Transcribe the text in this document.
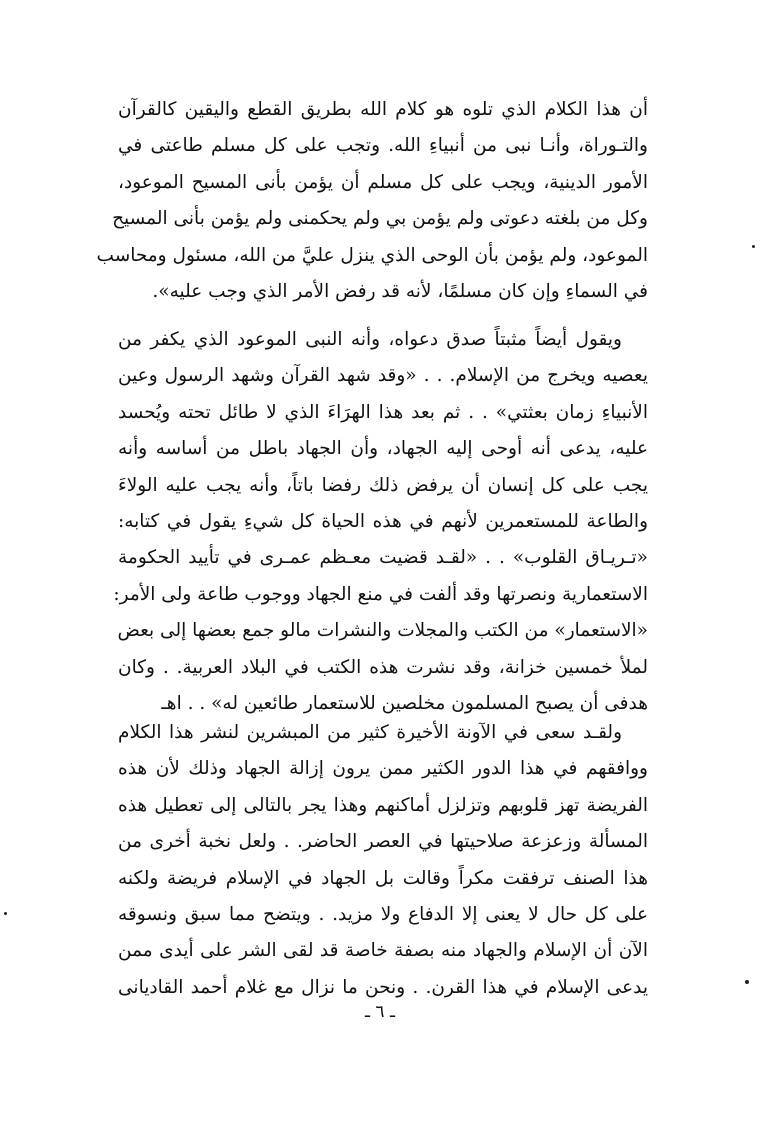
أن هذا الكلام الذي تلوه هو كلام الله بطريق القطع واليقين كالقرآن
والتـوراة، وأنـا نبى من أنبياءِ الله. وتجب على كل مسلم طاعتى في
الأمور الدينية، ويجب على كل مسلم أن يؤمن بأنى المسيح الموعود،
وكل من بلغته دعوتى ولم يؤمن بي ولم يحكمنى ولم يؤمن بأنى المسيح
الموعود، ولم يؤمن بأن الوحى الذي ينزل عليَّ من الله، مسئول ومحاسب
في السماءِ وإن كان مسلمًا، لأنه قد رفض الأمر الذي وجب عليه».
ويقول أيضاً مثبتاً صدق دعواه، وأنه النبى الموعود الذي يكفر من
يعصيه ويخرج من الإسلام. . . «وقد شهد القرآن وشهد الرسول وعين
الأنبياءِ زمان بعثتي» . . ثم بعد هذا الهرَاءَ الذي لا طائل تحته ويُحسد
عليه، يدعى أنه أوحى إليه الجهاد، وأن الجهاد باطل من أساسه وأنه
يجب على كل إنسان أن يرفض ذلك رفضا باتاً، وأنه يجب عليه الولاءَ
والطاعة للمستعمرين لأنهم في هذه الحياة كل شيءِ يقول في كتابه:
«تـريـاق القلوب» . . «لقـد قضيت معـظم عمـرى في تأييد الحكومة
الاستعمارية ونصرتها وقد ألفت في منع الجهاد ووجوب طاعة ولى الأمر:
«الاستعمار» من الكتب والمجلات والنشرات مالو جمع بعضها إلى بعض
لملأ خمسين خزانة، وقد نشرت هذه الكتب في البلاد العربية. . وكان
هدفى أن يصبح المسلمون مخلصين للاستعمار طائعين له» . . اهـ
ولقـد سعى في الآونة الأخيرة كثير من المبشرين لنشر هذا الكلام
ووافقهم في هذا الدور الكثير ممن يرون إزالة الجهاد وذلك لأن هذه
الفريضة تهز قلوبهم وتزلزل أماكنهم وهذا يجر بالتالى إلى تعطيل هذه
المسألة وزعزعة صلاحيتها في العصر الحاضر. . ولعل نخبة أخرى من
هذا الصنف ترفقت مكراً وقالت بل الجهاد في الإسلام فريضة ولكنه
على كل حال لا يعنى إلا الدفاع ولا مزيد. . ويتضح مما سبق ونسوقه
الآن أن الإسلام والجهاد منه بصفة خاصة قد لقى الشر على أيدى ممن
يدعى الإسلام في هذا القرن. . ونحن ما نزال مع غلام أحمد القاديانى
ـ ٦ ـ
